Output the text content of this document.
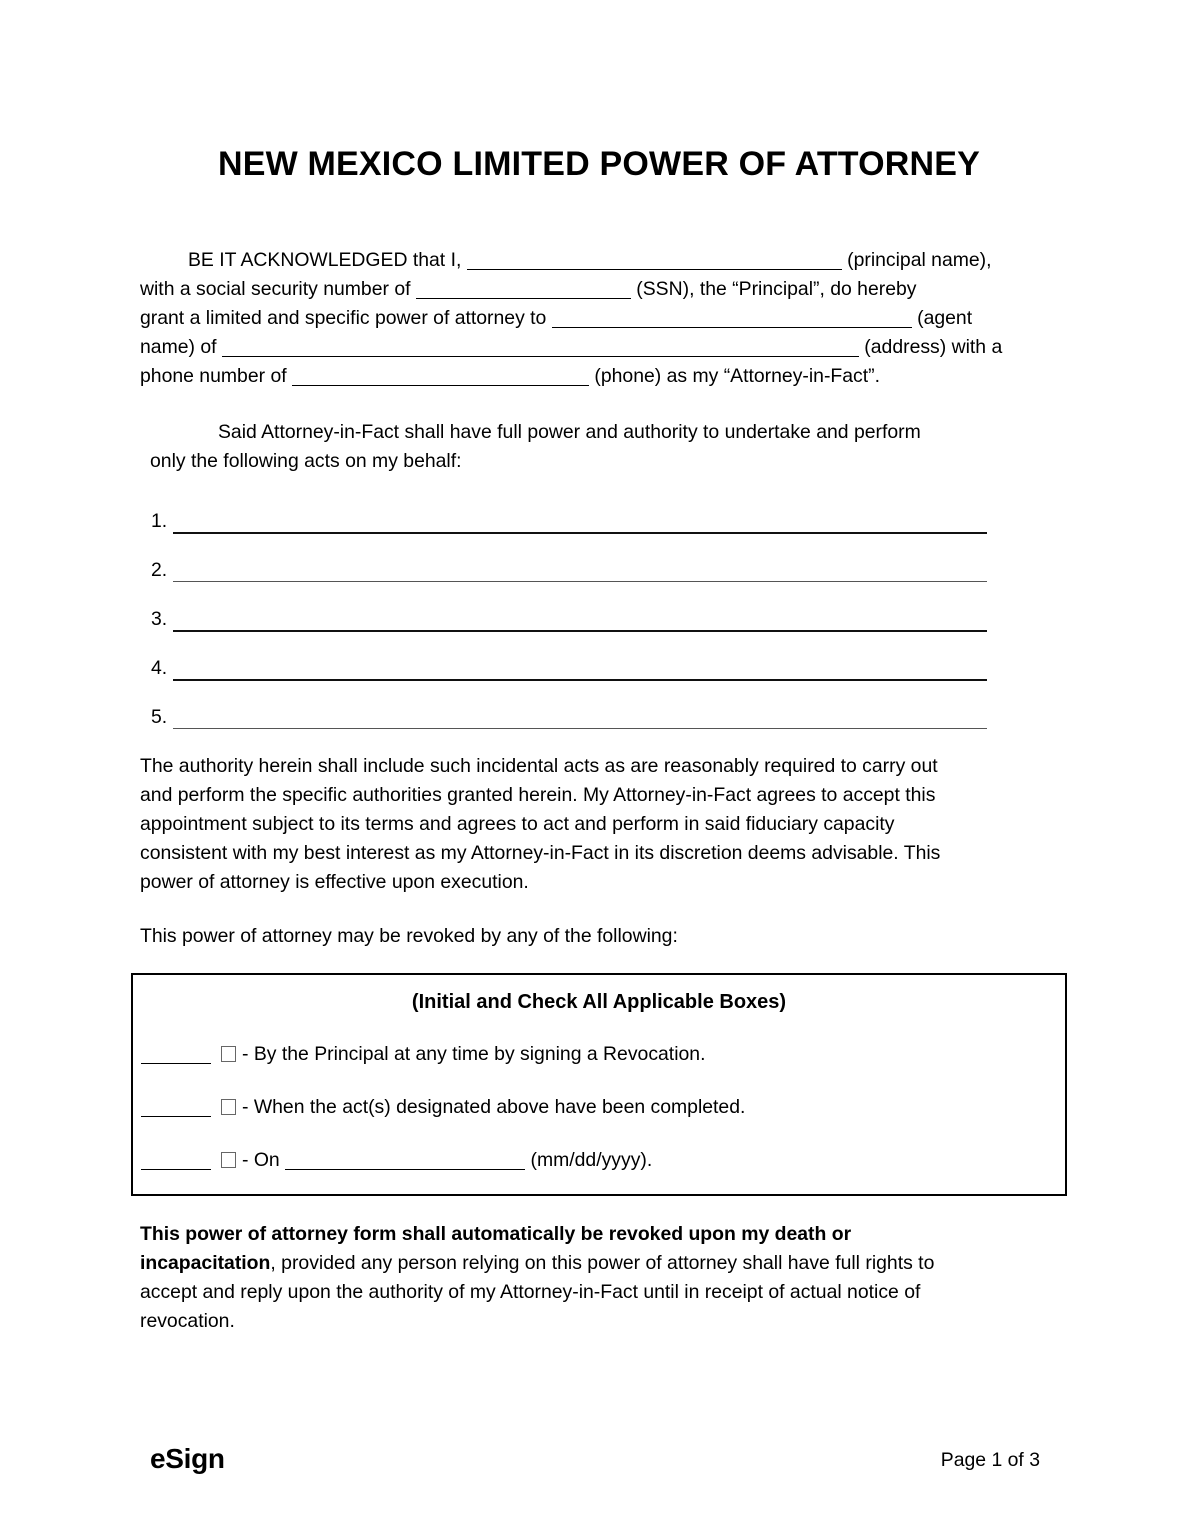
NEW MEXICO LIMITED POWER OF ATTORNEY
BE IT ACKNOWLEDGED that I,	(principal name),
with a social security number of	(SSN), the “Principal”, do hereby
grant a limited and specific power of attorney to	(agent
name) of	(address) with a
phone number of	(phone) as my “Attorney-in-Fact”.
Said Attorney-in-Fact shall have full power and authority to undertake and perform
only the following acts on my behalf:
1.
2.
3.
4.
5.
The authority herein shall include such incidental acts as are reasonably required to carry out
and perform the specific authorities granted herein. My Attorney-in-Fact agrees to accept this
appointment subject to its terms and agrees to act and perform in said fiduciary capacity
consistent with my best interest as my Attorney-in-Fact in its discretion deems advisable. This
power of attorney is effective upon execution.
This power of attorney may be revoked by any of the following:
(Initial and Check All Applicable Boxes)
- By the Principal at any time by signing a Revocation.
- When the act(s) designated above have been completed.
- On	(mm/dd/yyyy).
This power of attorney form shall automatically be revoked upon my death or
incapacitation, provided any person relying on this power of attorney shall have full rights to
accept and reply upon the authority of my Attorney-in-Fact until in receipt of actual notice of
revocation.
eSign	Page 1 of 3
